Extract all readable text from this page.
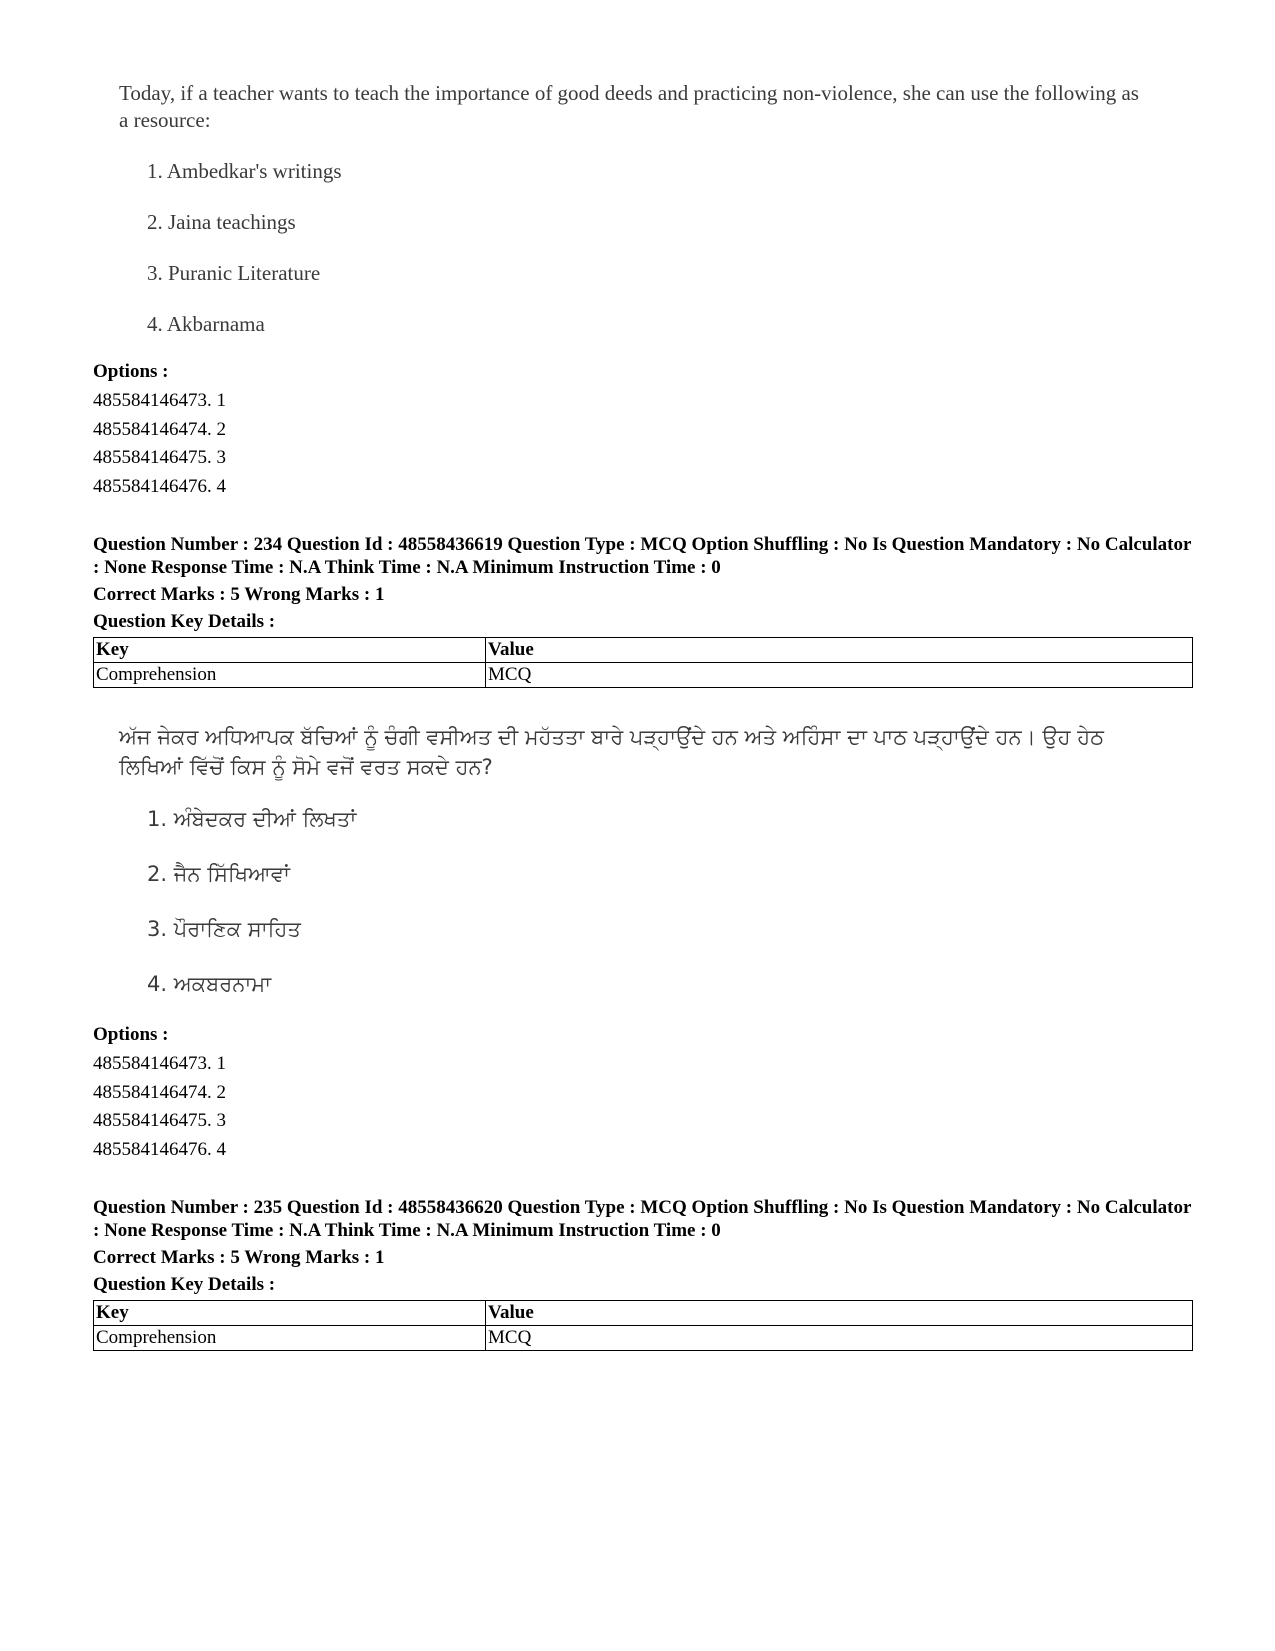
Today, if a teacher wants to teach the importance of good deeds and practicing non-violence, she can use the following as a resource:

1. Ambedkar's writings
2. Jaina teachings
3. Puranic Literature
4. Akbarnama
Options :
485584146473. 1
485584146474. 2
485584146475. 3
485584146476. 4
Question Number : 234 Question Id : 48558436619 Question Type : MCQ Option Shuffling : No Is Question Mandatory : No Calculator : None Response Time : N.A Think Time : N.A Minimum Instruction Time : 0
Correct Marks : 5 Wrong Marks : 1
Question Key Details :
Key	Value
Comprehension	MCQ

ਅੱਜ ਜੇਕਰ ਅਧਿਆਪਕ ਬੱਚਿਆਂ ਨੂੰ ਚੰਗੀ ਵਸੀਅਤ ਦੀ ਮਹੱਤਤਾ ਬਾਰੇ ਪੜ੍ਹਾਉਂਦੇ ਹਨ ਅਤੇ ਅਹਿੰਸਾ ਦਾ ਪਾਠ ਪੜ੍ਹਾਉਂਦੇ ਹਨ। ਉਹ ਹੇਠ ਲਿਖਿਆਂ ਵਿੱਚੋਂ ਕਿਸ ਨੂੰ ਸੋਮੇ ਵਜੋਂ ਵਰਤ ਸਕਦੇ ਹਨ?

1. ਅੰਬੇਦਕਰ ਦੀਆਂ ਲਿਖਤਾਂ
2. ਜੈਨ ਸਿੱਖਿਆਵਾਂ
3. ਪੌਰਾਣਿਕ ਸਾਹਿਤ
4. ਅਕਬਰਨਾਮਾ
Options :
485584146473. 1
485584146474. 2
485584146475. 3
485584146476. 4
Question Number : 235 Question Id : 48558436620 Question Type : MCQ Option Shuffling : No Is Question Mandatory : No Calculator : None Response Time : N.A Think Time : N.A Minimum Instruction Time : 0
Correct Marks : 5 Wrong Marks : 1
Question Key Details :
Key	Value
Comprehension	MCQ
